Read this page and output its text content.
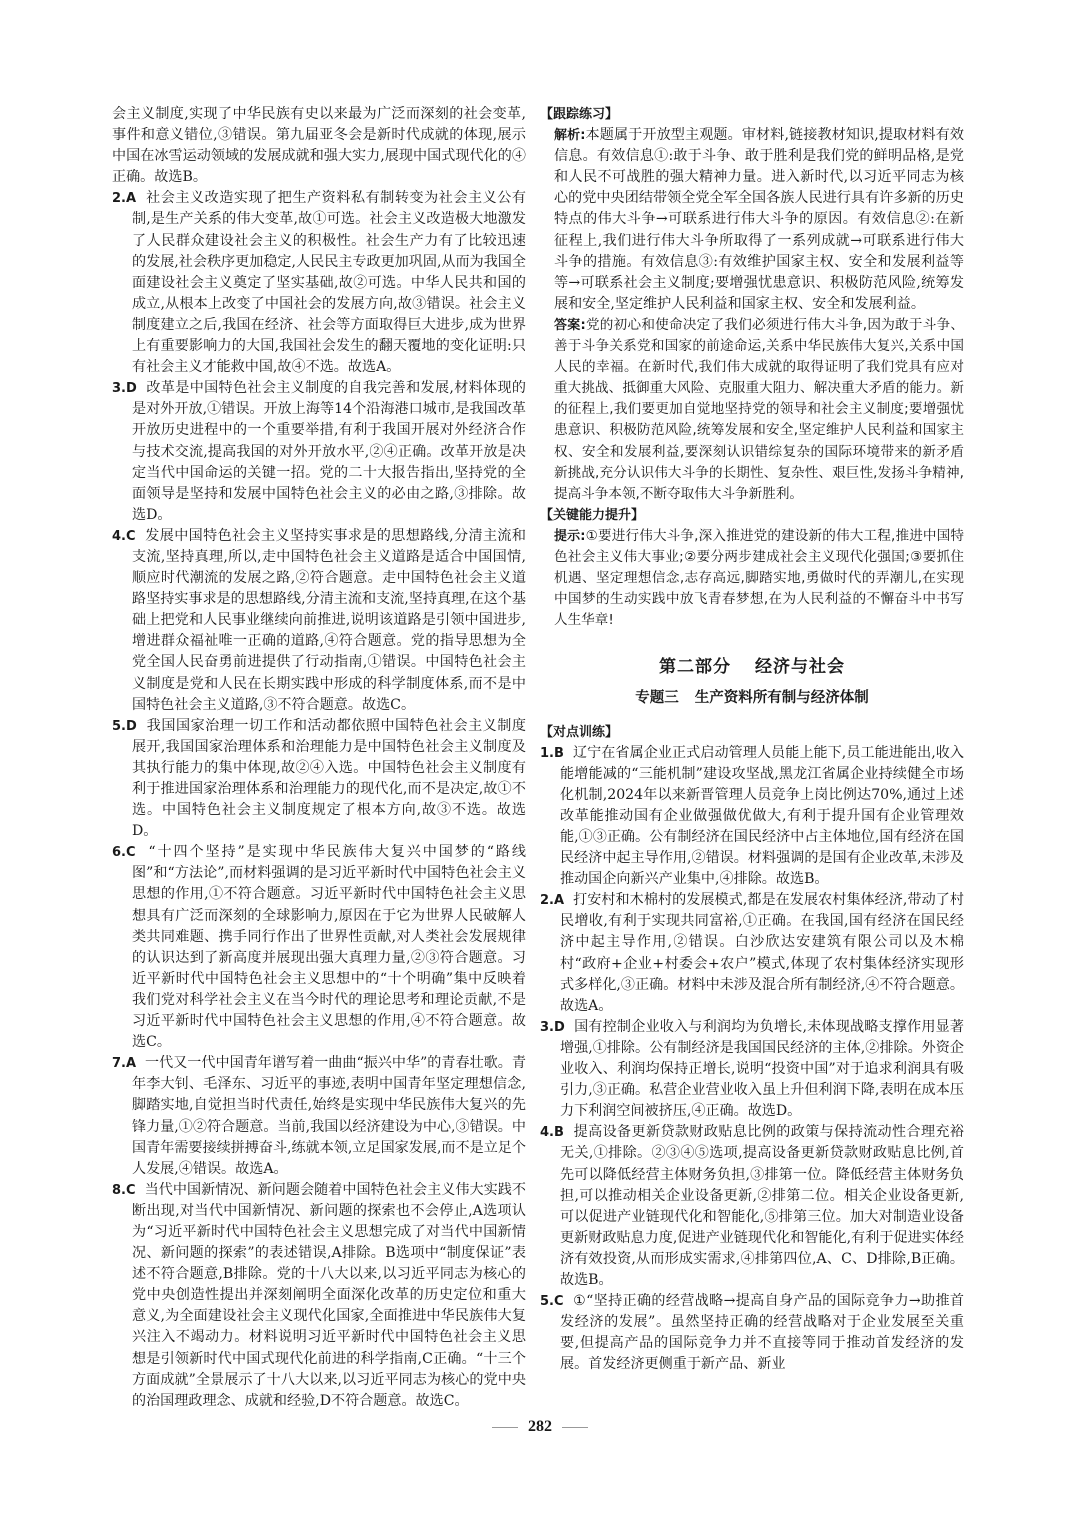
会主义制度,实现了中华民族有史以来最为广泛而深刻的社会变革,事件和意义错位,③错误。第九届亚冬会是新时代成就的体现,展示中国在冰雪运动领域的发展成就和强大实力,展现中国式现代化的④正确。故选B。

2.A 社会主义改造实现了把生产资料私有制转变为社会主义公有制,是生产关系的伟大变革,故①可选。社会主义改造极大地激发了人民群众建设社会主义的积极性。社会生产力有了比较迅速的发展,社会秩序更加稳定,人民民主专政更加巩固,从而为我国全面建设社会主义奠定了坚实基础,故②可选。中华人民共和国的成立,从根本上改变了中国社会的发展方向,故③错误。社会主义制度建立之后,我国在经济、社会等方面取得巨大进步,成为世界上有重要影响力的大国,我国社会发生的翻天覆地的变化证明:只有社会主义才能救中国,故④不选。故选A。

3.D 改革是中国特色社会主义制度的自我完善和发展,材料体现的是对外开放,①错误。开放上海等14个沿海港口城市,是我国改革开放历史进程中的一个重要举措,有利于我国开展对外经济合作与技术交流,提高我国的对外开放水平,②④正确。改革开放是决定当代中国命运的关键一招。党的二十大报告指出,坚持党的全面领导是坚持和发展中国特色社会主义的必由之路,③排除。故选D。

4.C 发展中国特色社会主义坚持实事求是的思想路线,分清主流和支流,坚持真理,所以,走中国特色社会主义道路是适合中国国情,顺应时代潮流的发展之路,②符合题意。走中国特色社会主义道路坚持实事求是的思想路线,分清主流和支流,坚持真理,在这个基础上把党和人民事业继续向前推进,说明该道路是引领中国进步,增进群众福祉唯一正确的道路,④符合题意。党的指导思想为全党全国人民奋勇前进提供了行动指南,①错误。中国特色社会主义制度是党和人民在长期实践中形成的科学制度体系,而不是中国特色社会主义道路,③不符合题意。故选C。

5.D 我国国家治理一切工作和活动都依照中国特色社会主义制度展开,我国国家治理体系和治理能力是中国特色社会主义制度及其执行能力的集中体现,故②④入选。中国特色社会主义制度有利于推进国家治理体系和治理能力的现代化,而不是决定,故①不选。中国特色社会主义制度规定了根本方向,故③不选。故选D。

6.C “十四个坚持”是实现中华民族伟大复兴中国梦的“路线图”和“方法论”,而材料强调的是习近平新时代中国特色社会主义思想的作用,①不符合题意。习近平新时代中国特色社会主义思想具有广泛而深刻的全球影响力,原因在于它为世界人民破解人类共同难题、携手同行作出了世界性贡献,对人类社会发展规律的认识达到了新高度并展现出强大真理力量,②③符合题意。习近平新时代中国特色社会主义思想中的“十个明确”集中反映着我们党对科学社会主义在当今时代的理论思考和理论贡献,不是习近平新时代中国特色社会主义思想的作用,④不符合题意。故选C。

7.A 一代又一代中国青年谱写着一曲曲“振兴中华”的青春壮歌。青年李大钊、毛泽东、习近平的事迹,表明中国青年坚定理想信念,脚踏实地,自觉担当时代责任,始终是实现中华民族伟大复兴的先锋力量,①②符合题意。当前,我国以经济建设为中心,③错误。中国青年需要接续拼搏奋斗,练就本领,立足国家发展,而不是立足个人发展,④错误。故选A。

8.C 当代中国新情况、新问题会随着中国特色社会主义伟大实践不断出现,对当代中国新情况、新问题的探索也不会停止,A选项认为“习近平新时代中国特色社会主义思想完成了对当代中国新情况、新问题的探索”的表述错误,A排除。B选项中“制度保证”表述不符合题意,B排除。党的十八大以来,以习近平同志为核心的党中央创造性提出并深刻阐明全面深化改革的历史定位和重大意义,为全面建设社会主义现代化国家,全面推进中华民族伟大复兴注入不竭动力。材料说明习近平新时代中国特色社会主义思想是引领新时代中国式现代化前进的科学指南,C正确。“十三个方面成就”全景展示了十八大以来,以习近平同志为核心的党中央的治国理政理念、成就和经验,D不符合题意。故选C。

【跟踪练习】

解析:本题属于开放型主观题。审材料,链接教材知识,提取材料有效信息。有效信息①:敢于斗争、敢于胜利是我们党的鲜明品格,是党和人民不可战胜的强大精神力量。进入新时代,以习近平同志为核心的党中央团结带领全党全军全国各族人民进行具有许多新的历史特点的伟大斗争→可联系进行伟大斗争的原因。有效信息②:在新征程上,我们进行伟大斗争所取得了一系列成就→可联系进行伟大斗争的措施。有效信息③:有效维护国家主权、安全和发展利益等等→可联系社会主义制度;要增强忧患意识、积极防范风险,统筹发展和安全,坚定维护人民利益和国家主权、安全和发展利益。

答案:党的初心和使命决定了我们必须进行伟大斗争,因为敢于斗争、善于斗争关系党和国家的前途命运,关系中华民族伟大复兴,关系中国人民的幸福。在新时代,我们伟大成就的取得证明了我们党具有应对重大挑战、抵御重大风险、克服重大阻力、解决重大矛盾的能力。新的征程上,我们要更加自觉地坚持党的领导和社会主义制度;要增强忧患意识、积极防范风险,统筹发展和安全,坚定维护人民利益和国家主权、安全和发展利益,要深刻认识错综复杂的国际环境带来的新矛盾新挑战,充分认识伟大斗争的长期性、复杂性、艰巨性,发扬斗争精神,提高斗争本领,不断夺取伟大斗争新胜利。

【关键能力提升】

提示:①要进行伟大斗争,深入推进党的建设新的伟大工程,推进中国特色社会主义伟大事业;②要分两步建成社会主义现代化强国;③要抓住机遇、坚定理想信念,志存高远,脚踏实地,勇做时代的弄潮儿,在实现中国梦的生动实践中放飞青春梦想,在为人民利益的不懈奋斗中书写人生华章!

第二部分 经济与社会
专题三 生产资料所有制与经济体制

【对点训练】

1.B 辽宁在省属企业正式启动管理人员能上能下,员工能进能出,收入能增能减的“三能机制”建设攻坚战,黑龙江省属企业持续健全市场化机制,2024年以来新晋管理人员竞争上岗比例达70%,通过上述改革能推动国有企业做强做优做大,有利于提升国有企业管理效能,①③正确。公有制经济在国民经济中占主体地位,国有经济在国民经济中起主导作用,②错误。材料强调的是国有企业改革,未涉及推动国企向新兴产业集中,④排除。故选B。

2.A 打安村和木棉村的发展模式,都是在发展农村集体经济,带动了村民增收,有利于实现共同富裕,①正确。在我国,国有经济在国民经济中起主导作用,②错误。白沙欣达安建筑有限公司以及木棉村“政府+企业+村委会+农户”模式,体现了农村集体经济实现形式多样化,③正确。材料中未涉及混合所有制经济,④不符合题意。故选A。

3.D 国有控制企业收入与利润均为负增长,未体现战略支撑作用显著增强,①排除。公有制经济是我国国民经济的主体,②排除。外资企业收入、利润均保持正增长,说明“投资中国”对于追求利润具有吸引力,③正确。私营企业营业收入虽上升但利润下降,表明在成本压力下利润空间被挤压,④正确。故选D。

4.B 提高设备更新贷款财政贴息比例的政策与保持流动性合理充裕无关,①排除。②③④⑤选项,提高设备更新贷款财政贴息比例,首先可以降低经营主体财务负担,③排第一位。降低经营主体财务负担,可以推动相关企业设备更新,②排第二位。相关企业设备更新,可以促进产业链现代化和智能化,⑤排第三位。加大对制造业设备更新财政贴息力度,促进产业链现代化和智能化,有利于促进实体经济有效投资,从而形成实需求,④排第四位,A、C、D排除,B正确。故选B。

5.C ①“坚持正确的经营战略→提高自身产品的国际竞争力→助推首发经济的发展”。虽然坚持正确的经营战略对于企业发展至关重要,但提高产品的国际竞争力并不直接等同于推动首发经济的发展。首发经济更侧重于新产品、新业

282
